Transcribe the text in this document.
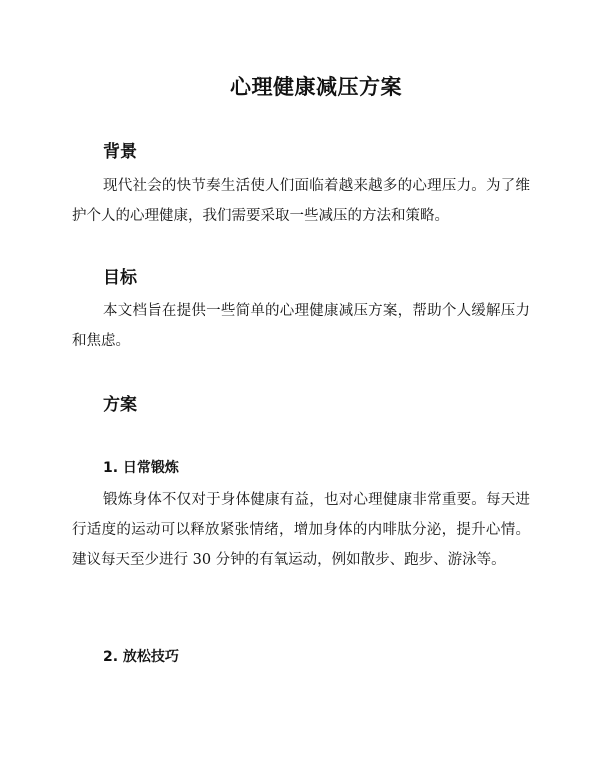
心理健康减压方案
背景
现代社会的快节奏生活使人们面临着越来越多的心理压力。为了维护个人的心理健康，我们需要采取一些减压的方法和策略。
目标
本文档旨在提供一些简单的心理健康减压方案，帮助个人缓解压力和焦虑。
方案
1. 日常锻炼
锻炼身体不仅对于身体健康有益，也对心理健康非常重要。每天进行适度的运动可以释放紧张情绪，增加身体的内啡肽分泌，提升心情。建议每天至少进行 30 分钟的有氧运动，例如散步、跑步、游泳等。
2. 放松技巧
